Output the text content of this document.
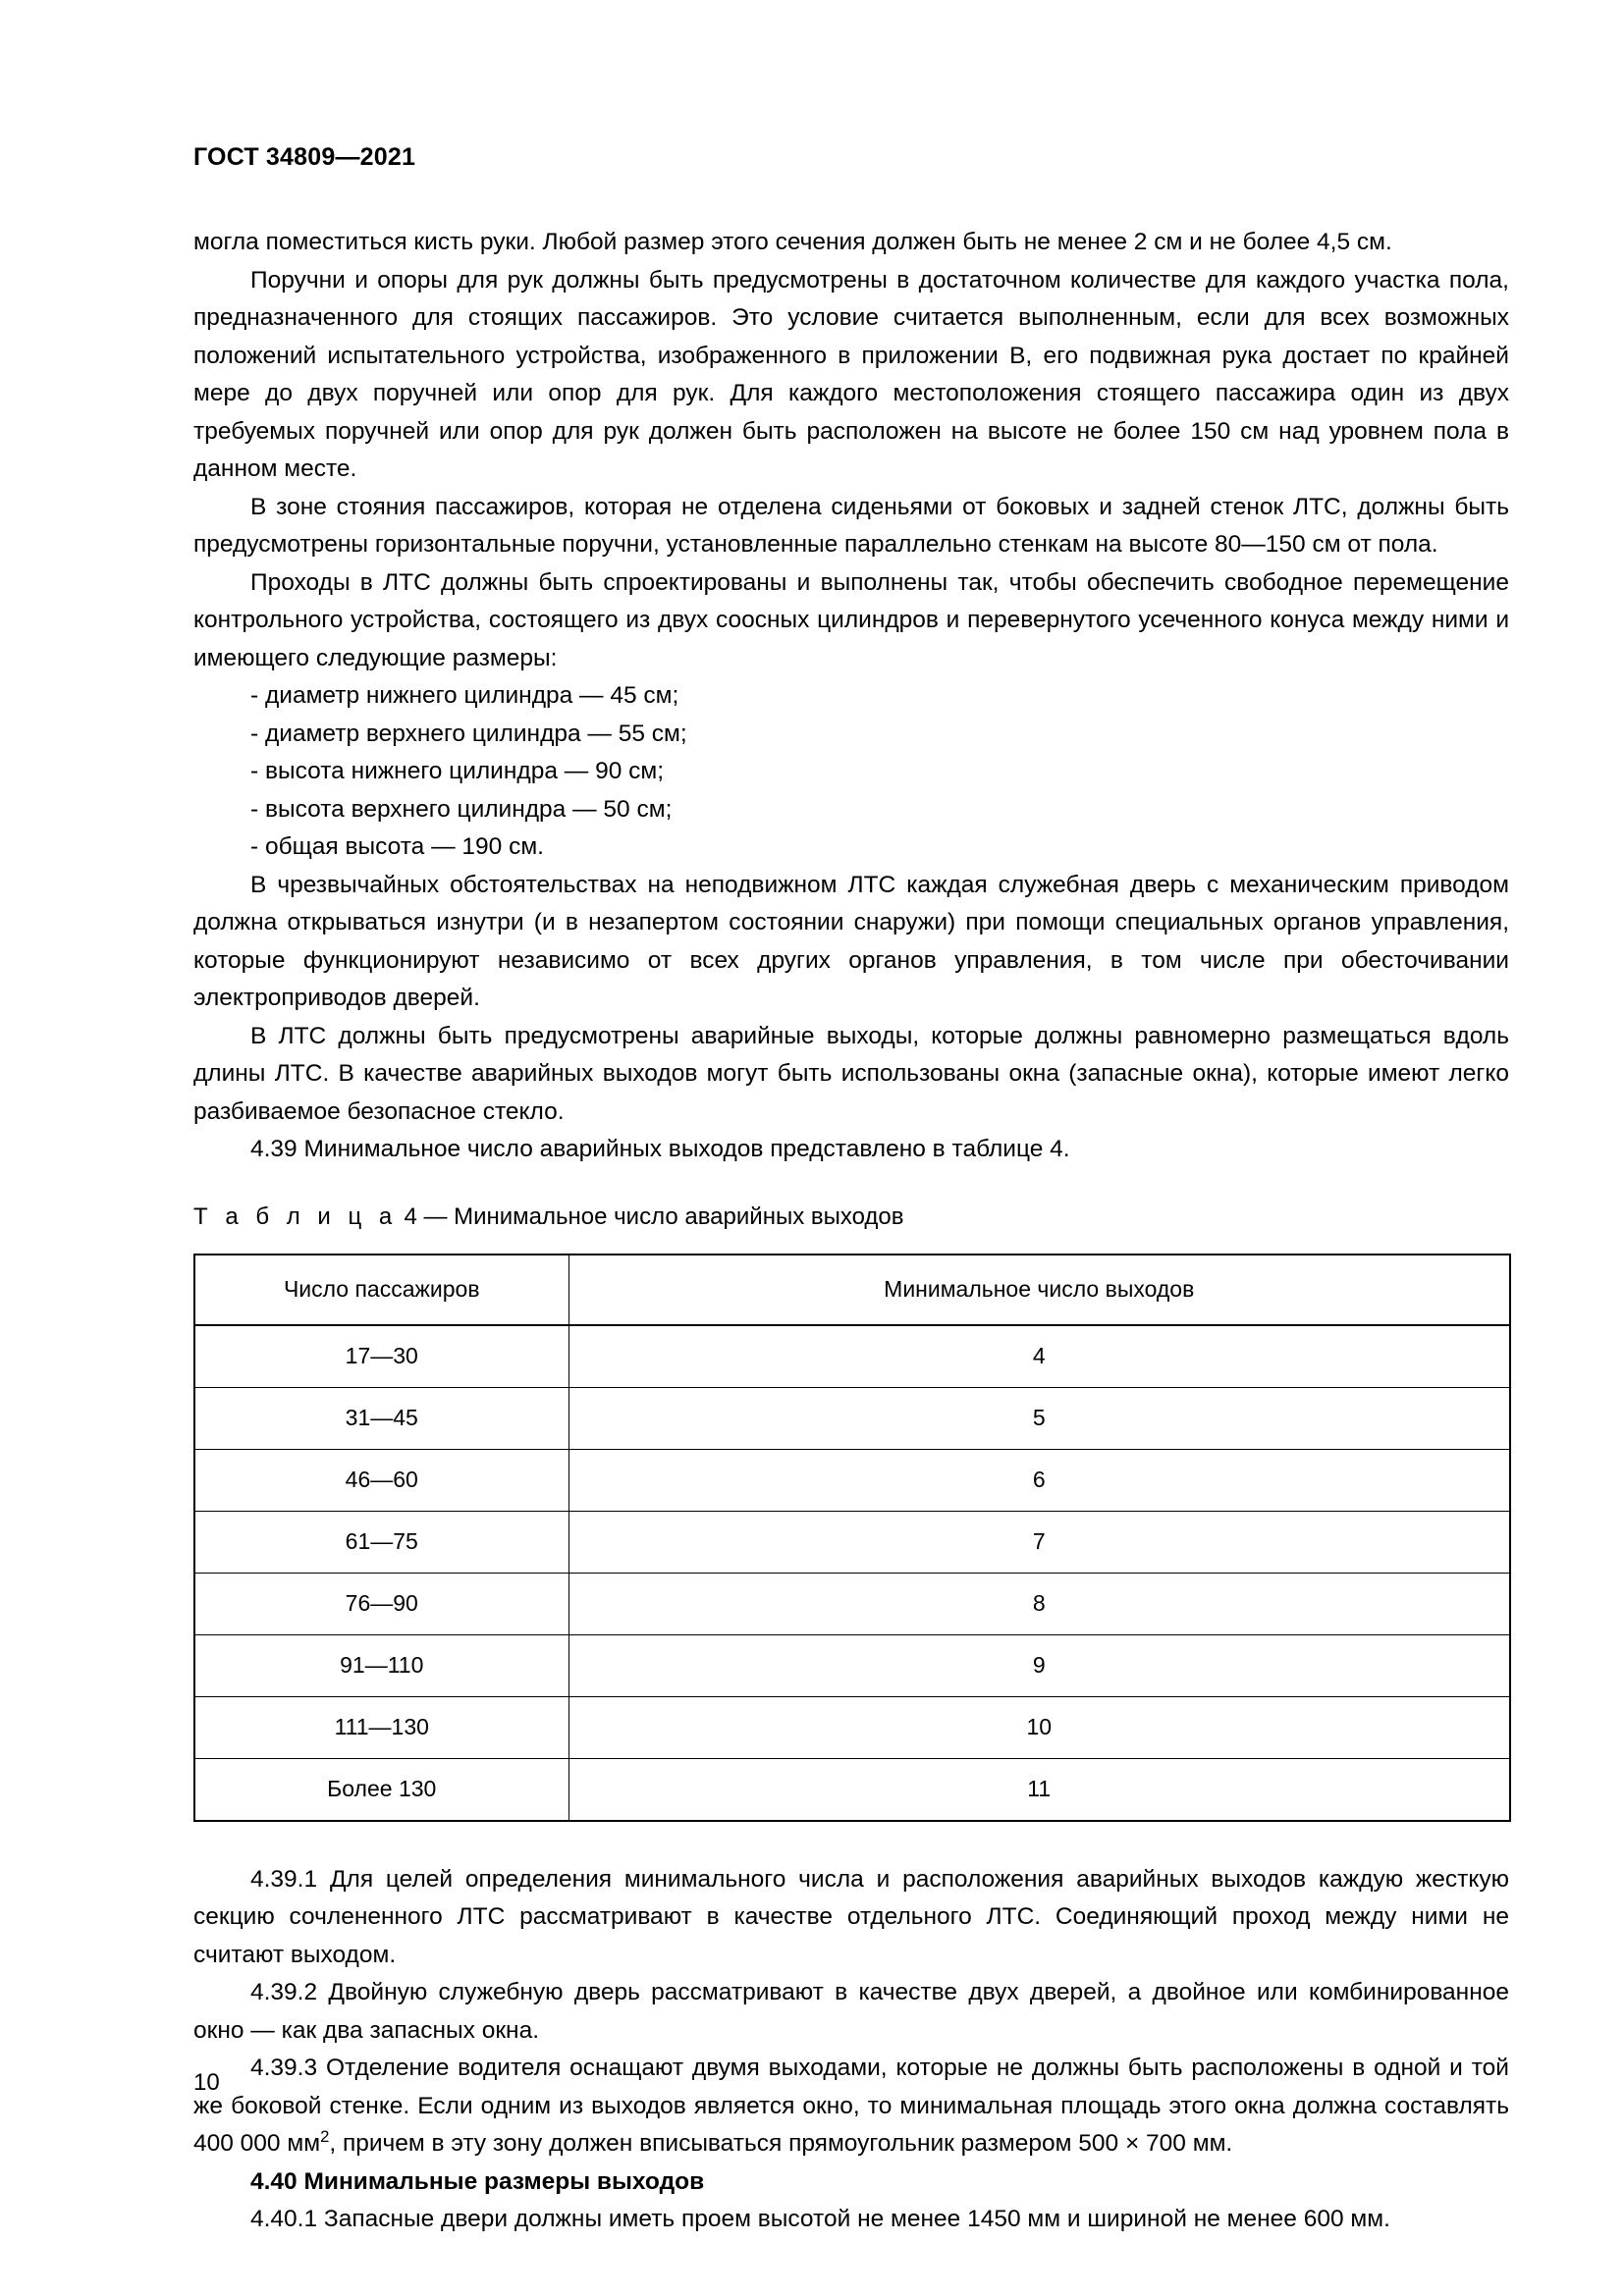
ГОСТ 34809—2021

могла поместиться кисть руки. Любой размер этого сечения должен быть не менее 2 см и не более 4,5 см.

Поручни и опоры для рук должны быть предусмотрены в достаточном количестве для каждого участка пола, предназначенного для стоящих пассажиров. Это условие считается выполненным, если для всех возможных положений испытательного устройства, изображенного в приложении В, его подвижная рука достает по крайней мере до двух поручней или опор для рук. Для каждого местоположения стоящего пассажира один из двух требуемых поручней или опор для рук должен быть расположен на высоте не более 150 см над уровнем пола в данном месте.

В зоне стояния пассажиров, которая не отделена сиденьями от боковых и задней стенок ЛТС, должны быть предусмотрены горизонтальные поручни, установленные параллельно стенкам на высоте 80—150 см от пола.

Проходы в ЛТС должны быть спроектированы и выполнены так, чтобы обеспечить свободное перемещение контрольного устройства, состоящего из двух соосных цилиндров и перевернутого усеченного конуса между ними и имеющего следующие размеры:

- диаметр нижнего цилиндра — 45 см;

- диаметр верхнего цилиндра — 55 см;

- высота нижнего цилиндра — 90 см;

- высота верхнего цилиндра — 50 см;

- общая высота — 190 см.

В чрезвычайных обстоятельствах на неподвижном ЛТС каждая служебная дверь с механическим приводом должна открываться изнутри (и в незапертом состоянии снаружи) при помощи специальных органов управления, которые функционируют независимо от всех других органов управления, в том числе при обесточивании электроприводов дверей.

В ЛТС должны быть предусмотрены аварийные выходы, которые должны равномерно размещаться вдоль длины ЛТС. В качестве аварийных выходов могут быть использованы окна (запасные окна), которые имеют легко разбиваемое безопасное стекло.

4.39 Минимальное число аварийных выходов представлено в таблице 4.

Т а б л и ц а 4 — Минимальное число аварийных выходов

Число пассажиров	Минимальное число выходов
17—30	4
31—45	5
46—60	6
61—75	7
76—90	8
91—110	9
111—130	10
Более 130	11

4.39.1 Для целей определения минимального числа и расположения аварийных выходов каждую жесткую секцию сочлененного ЛТС рассматривают в качестве отдельного ЛТС. Соединяющий проход между ними не считают выходом.

4.39.2 Двойную служебную дверь рассматривают в качестве двух дверей, а двойное или комбинированное окно — как два запасных окна.

4.39.3 Отделение водителя оснащают двумя выходами, которые не должны быть расположены в одной и той же боковой стенке. Если одним из выходов является окно, то минимальная площадь этого окна должна составлять 400 000 $мм^2$, причем в эту зону должен вписываться прямоугольник размером 500 × 700 мм.

4.40 Минимальные размеры выходов

4.40.1 Запасные двери должны иметь проем высотой не менее 1450 мм и шириной не менее 600 мм.

10
